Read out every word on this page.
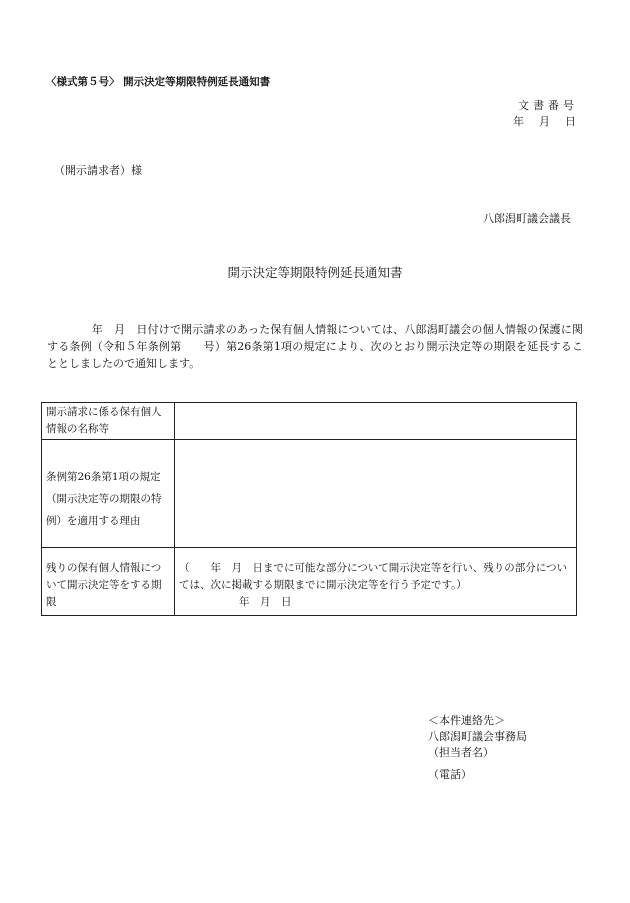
〈様式第５号〉 開示決定等期限特例延長通知書
文書番号
年　月　日
（開示請求者）様
八郎潟町議会議長
開示決定等期限特例延長通知書
　　　　年　月　日付けで開示請求のあった保有個人情報については、八郎潟町議会の個人情報の保護に関する条例（令和５年条例第　　号）第26条第1項の規定により、次のとおり開示決定等の期限を延長することとしましたので通知します。
開示請求に係る保有個人情報の名称等	
条例第26条第1項の規定（開示決定等の期限の特例）を適用する理由	
残りの保有個人情報について開示決定等をする期限	（　　年　月　日までに可能な部分について開示決定等を行い、残りの部分については、次に掲載する期限までに開示決定等を行う予定です。）
年　月　日
＜本件連絡先＞
八郎潟町議会事務局
（担当者名）
（電話）
